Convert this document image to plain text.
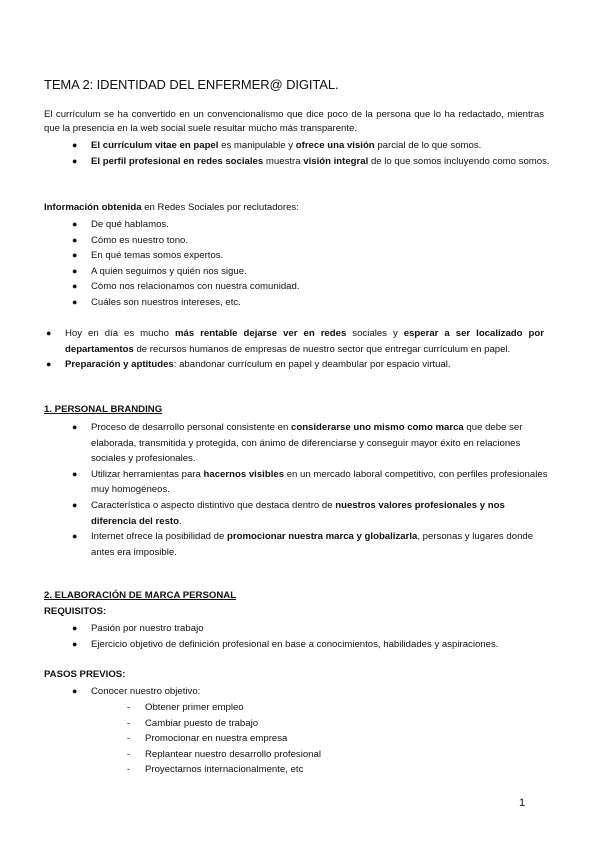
TEMA 2: IDENTIDAD DEL ENFERMER@ DIGITAL.
El currículum se ha convertido en un convencionalismo que dice poco de la persona que lo ha redactado, mientras que la presencia en la web social suele resultar mucho más transparente.

● El currículum vitae en papel es manipulable y ofrece una visión parcial de lo que somos.

● El perfil profesional en redes sociales muestra visión integral de lo que somos incluyendo como somos.

Información obtenida en Redes Sociales por reclutadores:

● De qué hablamos.

● Cómo es nuestro tono.

● En qué temas somos expertos.

● A quién seguimos y quién nos sigue.

● Cómo nos relacionamos con nuestra comunidad.

● Cuáles son nuestros intereses, etc.

● Hoy en día es mucho más rentable dejarse ver en redes sociales y esperar a ser localizado por departamentos de recursos humanos de empresas de nuestro sector que entregar currículum en papel.

● Preparación y aptitudes: abandonar currículum en papel y deambular por espacio virtual.

1. PERSONAL BRANDING

● Proceso de desarrollo personal consistente en considerarse uno mismo como marca que debe ser elaborada, transmitida y protegida, con ánimo de diferenciarse y conseguir mayor éxito en relaciones sociales y profesionales.

● Utilizar herramientas para hacernos visibles en un mercado laboral competitivo, con perfiles profesionales muy homogéneos.

● Característica o aspecto distintivo que destaca dentro de nuestros valores profesionales y nos diferencia del resto.

● Internet ofrece la posibilidad de promocionar nuestra marca y globalizarla, personas y lugares donde antes era imposible.

2. ELABORACIÓN DE MARCA PERSONAL
REQUISITOS:

● Pasión por nuestro trabajo

● Ejercicio objetivo de definición profesional en base a conocimientos, habilidades y aspiraciones.

PASOS PREVIOS:

● Conocer nuestro objetivo:

- Obtener primer empleo

- Cambiar puesto de trabajo

- Promocionar en nuestra empresa

- Replantear nuestro desarrollo profesional

- Proyectarnos internacionalmente, etc

1
